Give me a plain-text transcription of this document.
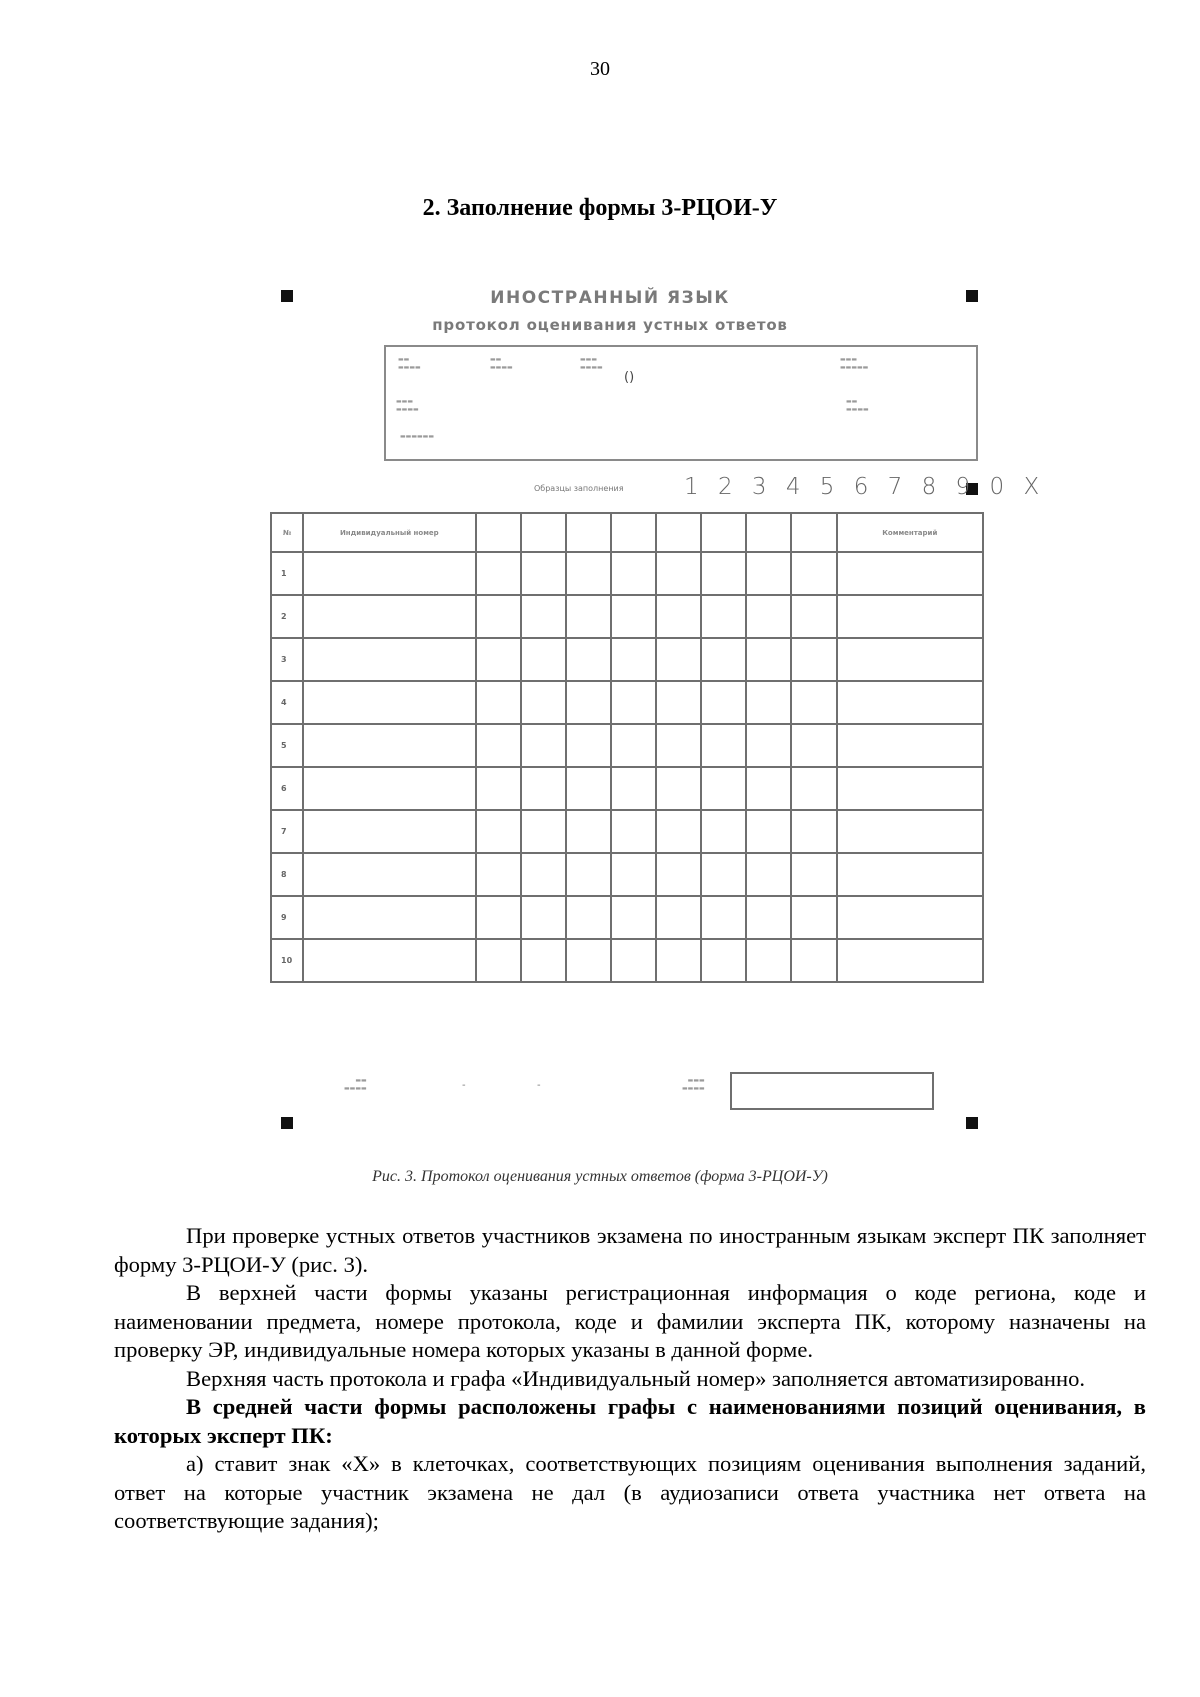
30
2. Заполнение формы 3-РЦОИ-У
ИНОСТРАННЫЙ ЯЗЫК
протокол оценивания устных ответов
▬▬
▬▬▬▬
▬▬
▬▬▬▬
▬▬▬
▬▬▬▬
▬▬▬
▬▬▬▬▬
▬▬▬
▬▬▬▬
▬▬
▬▬▬▬
▬▬▬▬▬▬
()
Образцы заполнения	1 2 3 4 5 6 7 8 9 0 X
№	Индивидуальный номер									Комментарий
1										
2										
3										
4										
5										
6										
7										
8										
9										
10										
▬▬
▬▬▬▬	-	-	▬▬▬
▬▬▬▬
Рис. 3. Протокол оценивания устных ответов (форма 3-РЦОИ-У)

При проверке устных ответов участников экзамена по иностранным языкам эксперт ПК заполняет форму 3-РЦОИ-У (рис. 3).

В верхней части формы указаны регистрационная информация о коде региона, коде и наименовании предмета, номере протокола, коде и фамилии эксперта ПК, которому назначены на проверку ЭР, индивидуальные номера которых указаны в данной форме.

Верхняя часть протокола и графа «Индивидуальный номер» заполняется автоматизированно.

В средней части формы расположены графы с наименованиями позиций оценивания, в которых эксперт ПК:

а) ставит знак «X» в клеточках, соответствующих позициям оценивания выполнения заданий, ответ на которые участник экзамена не дал (в аудиозаписи ответа участника нет ответа на соответствующие задания);
